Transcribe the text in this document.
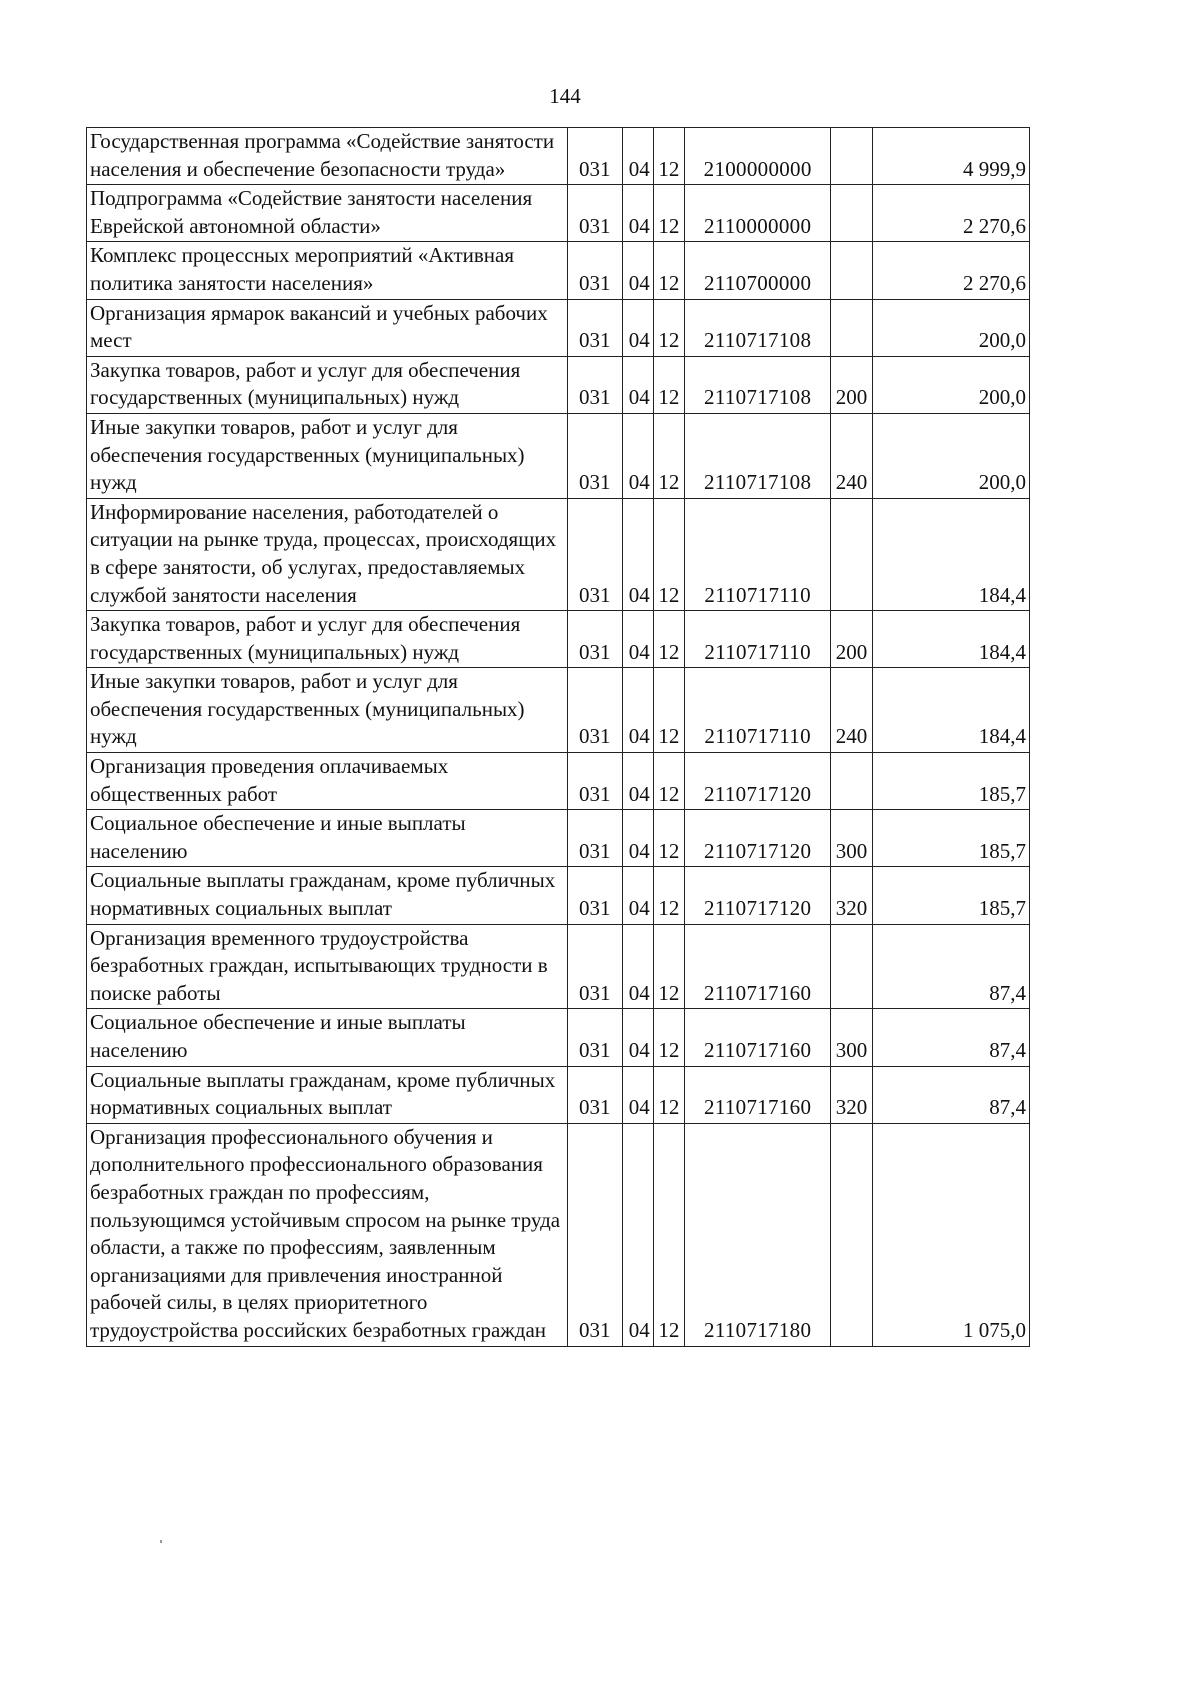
144
Государственная программа «Содействие занятости населения и обеспечение безопасности труда»	031	04	12	2100000000		4 999,9
Подпрограмма «Содействие занятости населения Еврейской автономной области»	031	04	12	2110000000		2 270,6
Комплекс процессных мероприятий «Активная политика занятости населения»	031	04	12	2110700000		2 270,6
Организация ярмарок вакансий и учебных рабочих мест	031	04	12	2110717108		200,0
Закупка товаров, работ и услуг для обеспечения государственных (муниципальных) нужд	031	04	12	2110717108	200	200,0
Иные закупки товаров, работ и услуг для обеспечения государственных (муниципальных) нужд	031	04	12	2110717108	240	200,0
Информирование населения, работодателей о ситуации на рынке труда, процессах, происходящих в сфере занятости, об услугах, предоставляемых службой занятости населения	031	04	12	2110717110		184,4
Закупка товаров, работ и услуг для обеспечения государственных (муниципальных) нужд	031	04	12	2110717110	200	184,4
Иные закупки товаров, работ и услуг для обеспечения государственных (муниципальных) нужд	031	04	12	2110717110	240	184,4
Организация проведения оплачиваемых общественных работ	031	04	12	2110717120		185,7
Социальное обеспечение и иные выплаты населению	031	04	12	2110717120	300	185,7
Социальные выплаты гражданам, кроме публичных нормативных социальных выплат	031	04	12	2110717120	320	185,7
Организация временного трудоустройства безработных граждан, испытывающих трудности в поиске работы	031	04	12	2110717160		87,4
Социальное обеспечение и иные выплаты населению	031	04	12	2110717160	300	87,4
Социальные выплаты гражданам, кроме публичных нормативных социальных выплат	031	04	12	2110717160	320	87,4
Организация профессионального обучения и дополнительного профессионального образования безработных граждан по профессиям, пользующимся устойчивым спросом на рынке труда области, а также по профессиям, заявленным организациями для привлечения иностранной рабочей силы, в целях приоритетного трудоустройства российских безработных граждан	031	04	12	2110717180		1 075,0
